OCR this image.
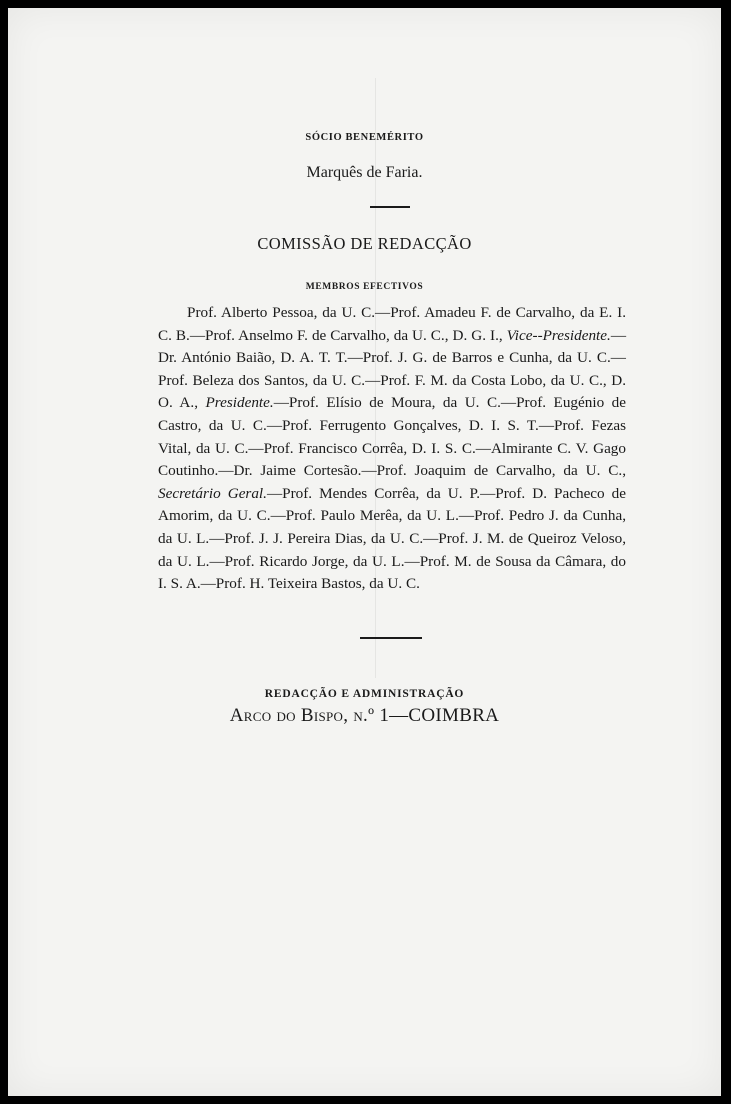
SÓCIO BENEMÉRITO
Marquês de Faria.
COMISSÃO DE REDACÇÃO
MEMBROS EFECTIVOS

Prof. Alberto Pessoa, da U. C.—Prof. Amadeu F. de Carvalho, da E. I. C. B.—Prof. Anselmo F. de Carvalho, da U. C., D. G. I., Vice--Presidente.—Dr. António Baião, D. A. T. T.—Prof. J. G. de Barros e Cunha, da U. C.—Prof. Beleza dos Santos, da U. C.—Prof. F. M. da Costa Lobo, da U. C., D. O. A., Presidente.—Prof. Elísio de Moura, da U. C.—Prof. Eugénio de Castro, da U. C.—Prof. Ferrugento Gonçalves, D. I. S. T.—Prof. Fezas Vital, da U. C.—Prof. Francisco Corrêa, D. I. S. C.—Almirante C. V. Gago Coutinho.—Dr. Jaime Cortesão.—Prof. Joaquim de Carvalho, da U. C., Secretário Geral.—Prof. Mendes Corrêa, da U. P.—Prof. D. Pacheco de Amorim, da U. C.—Prof. Paulo Merêa, da U. L.—Prof. Pedro J. da Cunha, da U. L.—Prof. J. J. Pereira Dias, da U. C.—Prof. J. M. de Queiroz Veloso, da U. L.—Prof. Ricardo Jorge, da U. L.—Prof. M. de Sousa da Câmara, do I. S. A.—Prof. H. Teixeira Bastos, da U. C.

REDACÇÃO E ADMINISTRAÇÃO
Arco do Bispo, n.º 1—COIMBRA
